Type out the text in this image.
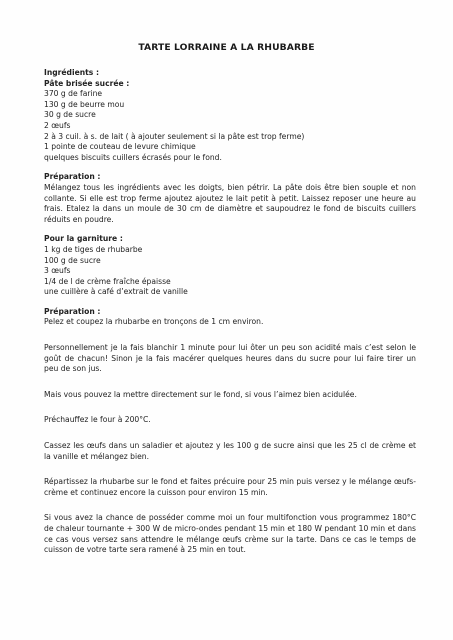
TARTE LORRAINE A LA RHUBARBE

Ingrédients :

Pâte brisée sucrée :

370 g de farine

130 g de beurre mou

30 g de sucre

2 œufs

2 à 3 cuil. à s. de lait ( à ajouter seulement si la pâte est trop ferme)

1 pointe de couteau de levure chimique

quelques biscuits cuillers écrasés pour le fond.

Préparation :

Mélangez tous les ingrédients avec les doigts, bien pétrir. La pâte dois être bien souple et non collante. Si elle est trop ferme ajoutez ajoutez le lait petit à petit. Laissez reposer une heure au frais. Etalez la dans un moule de 30 cm de diamètre et saupoudrez le fond de biscuits cuillers réduits en poudre.

Pour la garniture :

1 kg de tiges de rhubarbe

100 g de sucre

3 œufs

1/4 de l de crème fraîche épaisse

une cuillère à café d’extrait de vanille

Préparation :

Pelez et coupez la rhubarbe en tronçons de 1 cm environ.

Personnellement je la fais blanchir 1 minute pour lui ôter un peu son acidité mais c’est selon le goût de chacun! Sinon je la fais macérer quelques heures dans du sucre pour lui faire tirer un peu de son jus.

Mais vous pouvez la mettre directement sur le fond, si vous l’aimez bien acidulée.

Préchauffez le four à 200°C.

Cassez les œufs dans un saladier et ajoutez y les 100 g de sucre ainsi que les 25 cl de crème et la vanille et mélangez bien.

Répartissez la rhubarbe sur le fond et faites précuire pour 25 min puis versez y le mélange œufs-crème et continuez encore la cuisson pour environ 15 min.

Si vous avez la chance de posséder comme moi un four multifonction vous programmez 180°C de chaleur tournante + 300 W de micro-ondes pendant 15 min et 180 W pendant 10 min et dans ce cas vous versez sans attendre le mélange œufs crème sur la tarte. Dans ce cas le temps de cuisson de votre tarte sera ramené à 25 min en tout.
